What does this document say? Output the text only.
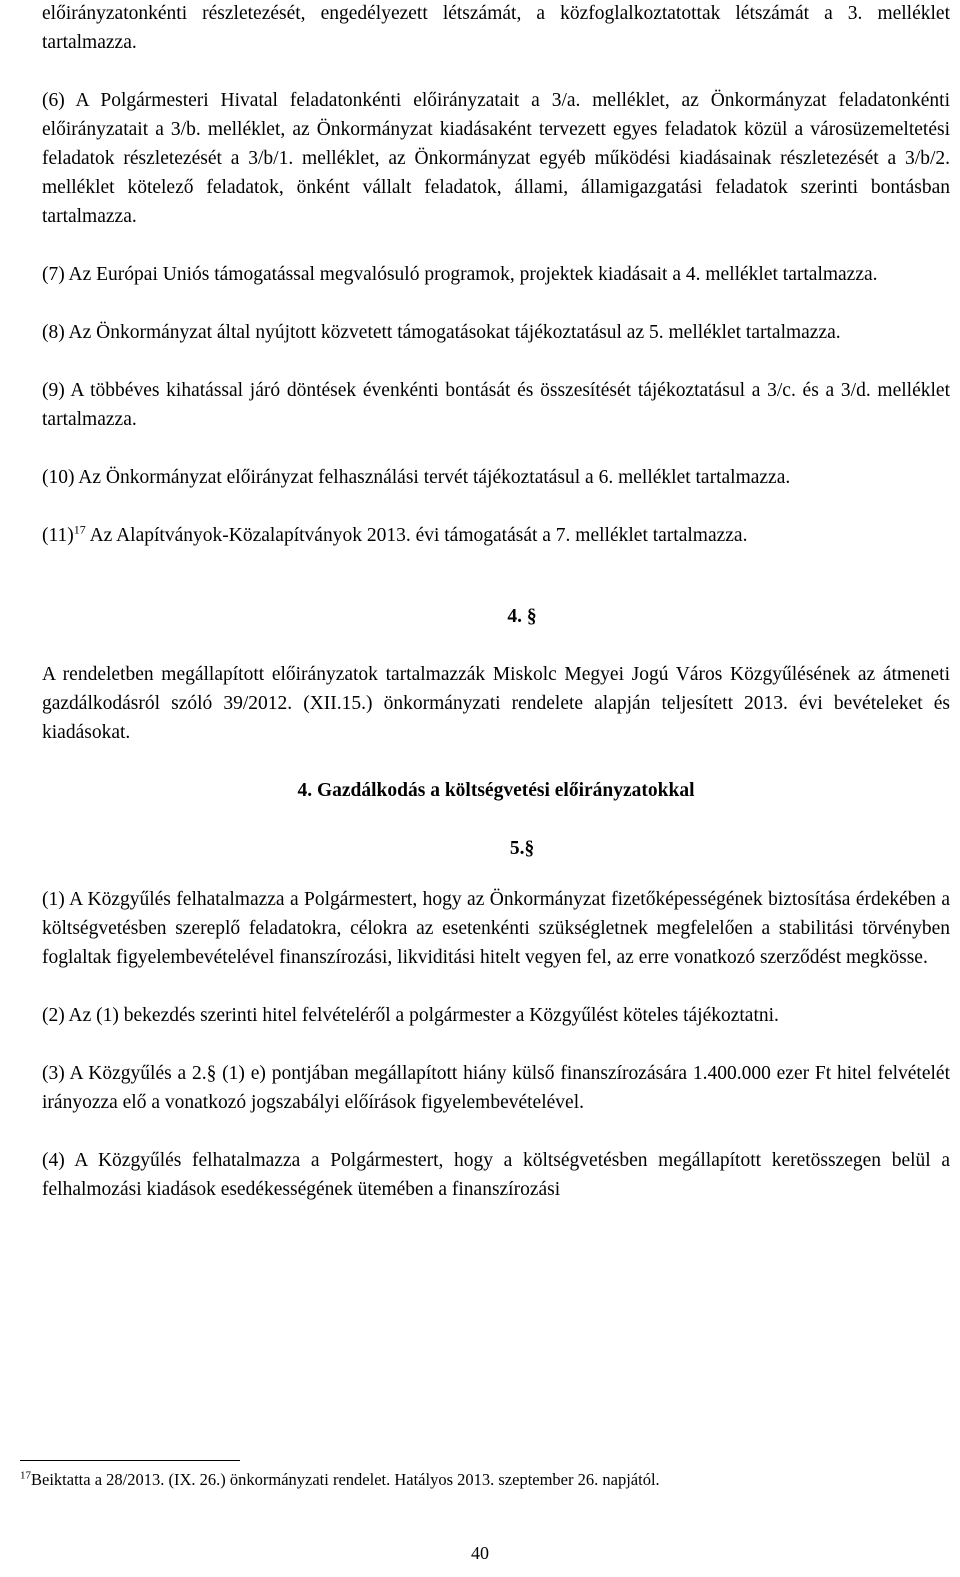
előirányzatonkénti részletezését, engedélyezett létszámát, a közfoglalkoztatottak létszámát a 3. melléklet tartalmazza.

(6) A Polgármesteri Hivatal feladatonkénti előirányzatait a 3/a. melléklet, az Önkormányzat feladatonkénti előirányzatait a 3/b. melléklet, az Önkormányzat kiadásaként tervezett egyes feladatok közül a városüzemeltetési feladatok részletezését a 3/b/1. melléklet, az Önkormányzat egyéb működési kiadásainak részletezését a 3/b/2. melléklet kötelező feladatok, önként vállalt feladatok, állami, államigazgatási feladatok szerinti bontásban tartalmazza.

(7) Az Európai Uniós támogatással megvalósuló programok, projektek kiadásait a 4. melléklet tartalmazza.

(8) Az Önkormányzat által nyújtott közvetett támogatásokat tájékoztatásul az 5. melléklet tartalmazza.

(9) A többéves kihatással járó döntések évenkénti bontását és összesítését tájékoztatásul a 3/c. és a 3/d. melléklet tartalmazza.

(10) Az Önkormányzat előirányzat felhasználási tervét tájékoztatásul a 6. melléklet tartalmazza.

$(11)^{17}$ Az Alapítványok-Közalapítványok 2013. évi támogatását a 7. melléklet tartalmazza.

4. §

A rendeletben megállapított előirányzatok tartalmazzák Miskolc Megyei Jogú Város Közgyűlésének az átmeneti gazdálkodásról szóló 39/2012. (XII.15.) önkormányzati rendelete alapján teljesített 2013. évi bevételeket és kiadásokat.

4. Gazdálkodás a költségvetési előirányzatokkal

5.§

(1) A Közgyűlés felhatalmazza a Polgármestert, hogy az Önkormányzat fizetőképességének biztosítása érdekében a költségvetésben szereplő feladatokra, célokra az esetenkénti szükségletnek megfelelően a stabilitási törvényben foglaltak figyelembevételével finanszírozási, likviditási hitelt vegyen fel, az erre vonatkozó szerződést megkösse.

(2) Az (1) bekezdés szerinti hitel felvételéről a polgármester a Közgyűlést köteles tájékoztatni.

(3) A Közgyűlés a 2.§ (1) e) pontjában megállapított hiány külső finanszírozására 1.400.000 ezer Ft hitel felvételét irányozza elő a vonatkozó jogszabályi előírások figyelembevételével.

(4) A Közgyűlés felhatalmazza a Polgármestert, hogy a költségvetésben megállapított keretösszegen belül a felhalmozási kiadások esedékességének ütemében a finanszírozási

$^{17}$Beiktatta a 28/2013. (IX. 26.) önkormányzati rendelet. Hatályos 2013. szeptember 26. napjától.
40
